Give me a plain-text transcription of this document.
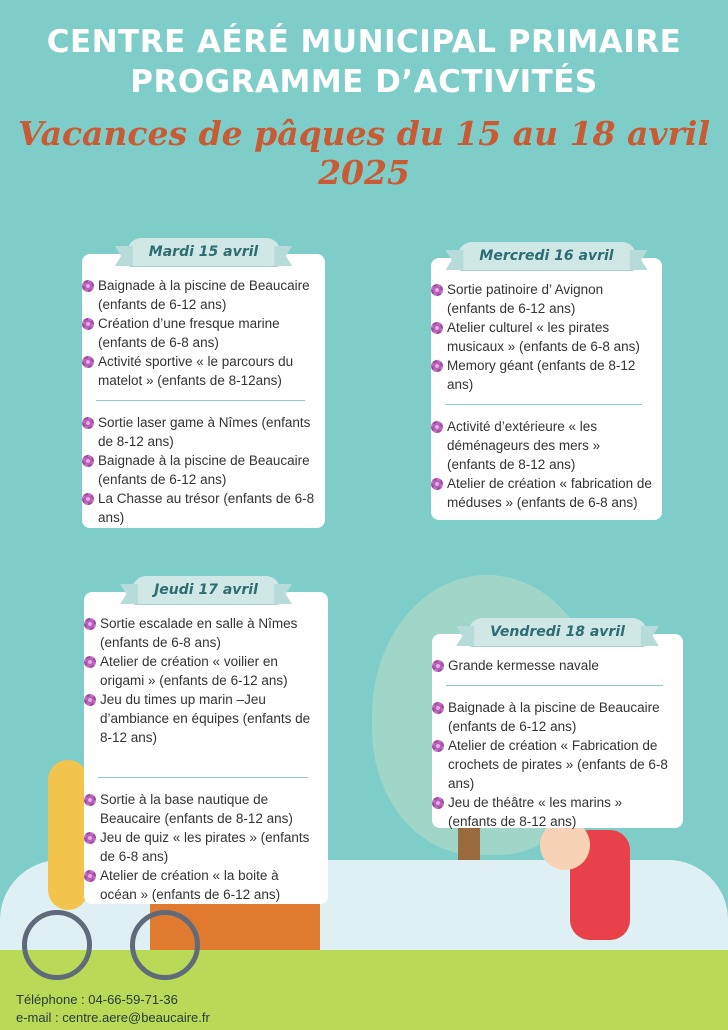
CENTRE AÉRÉ MUNICIPAL PRIMAIRE
PROGRAMME D’ACTIVITÉS
Vacances de pâques du 15 au 18 avril 2025
Mardi 15 avril
Baignade à la piscine de Beaucaire (enfants de 6-12 ans)
Création d’une fresque marine (enfants de 6-8 ans)
Activité sportive « le parcours du matelot » (enfants de 8-12ans)
Sortie laser game à Nîmes (enfants de 8-12 ans)
Baignade à la piscine de Beaucaire (enfants de 6-12 ans)
La Chasse au trésor (enfants de 6-8 ans)
Mercredi 16 avril
Sortie patinoire d’ Avignon (enfants de 6-12 ans)
Atelier culturel « les pirates musicaux » (enfants de 6-8 ans)
Memory géant (enfants de 8-12 ans)
Activité d’extérieure « les déménageurs des mers » (enfants de 8-12 ans)
Atelier de création « fabrication de méduses » (enfants de 6-8 ans)
Jeudi 17 avril
Sortie escalade en salle à Nîmes (enfants de 6-8 ans)
Atelier de création « voilier en origami » (enfants de 6-12 ans)
Jeu du times up marin –Jeu d’ambiance en équipes (enfants de 8-12 ans)
Sortie à la base nautique de Beaucaire (enfants de 8-12 ans)
Jeu de quiz « les pirates » (enfants de 6-8 ans)
Atelier de création « la boite à océan » (enfants de 6-12 ans)
Vendredi 18 avril
Grande kermesse navale
Baignade à la piscine de Beaucaire (enfants de 6-12 ans)
Atelier de création « Fabrication de crochets de pirates » (enfants de 6-8 ans)
Jeu de théâtre « les marins » (enfants de 8-12 ans)
Téléphone : 04-66-59-71-36
e-mail : centre.aere@beaucaire.fr
